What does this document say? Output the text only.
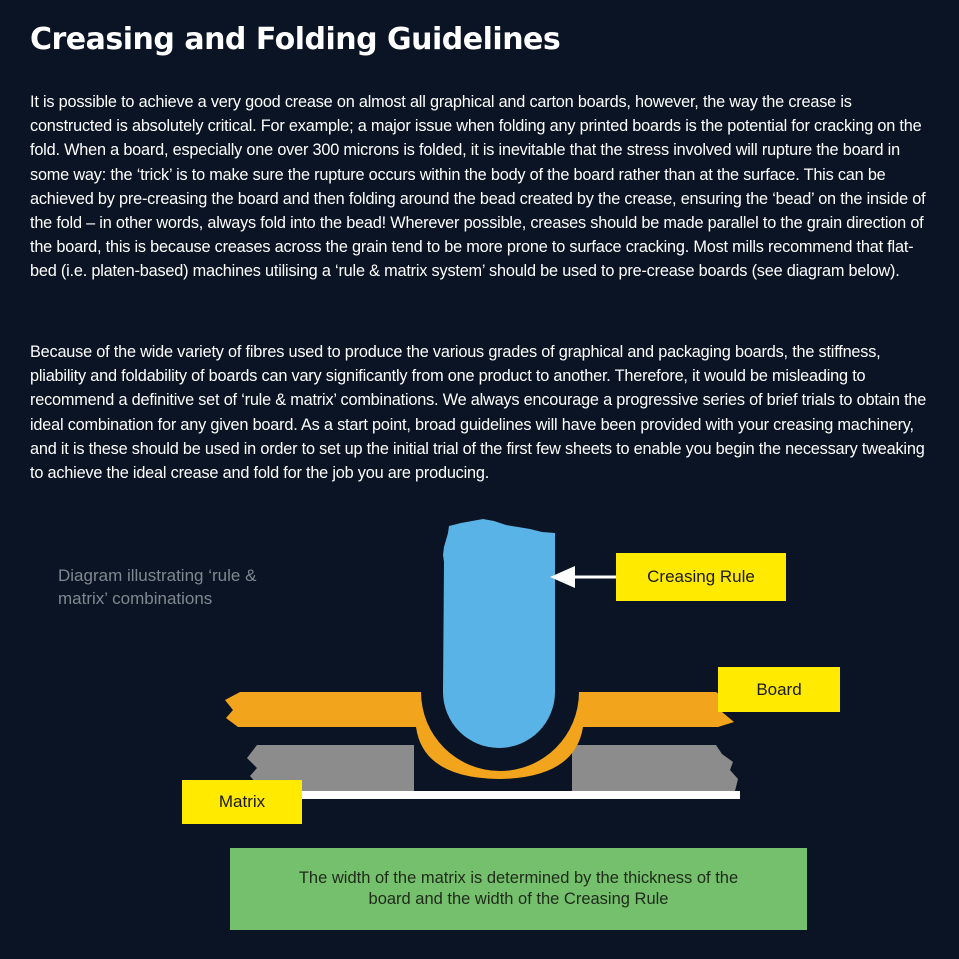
Creasing and Folding Guidelines

It is possible to achieve a very good crease on almost all graphical and carton boards, however, the way the crease is constructed is absolutely critical. For example; a major issue when folding any printed boards is the potential for cracking on the fold. When a board, especially one over 300 microns is folded, it is inevitable that the stress involved will rupture the board in some way: the ‘trick’ is to make sure the rupture occurs within the body of the board rather than at the surface. This can be achieved by pre-creasing the board and then folding around the bead created by the crease, ensuring the ‘bead’ on the inside of the fold – in other words, always fold into the bead! Wherever possible, creases should be made parallel to the grain direction of the board, this is because creases across the grain tend to be more prone to surface cracking. Most mills recommend that flat-bed (i.e. platen-based) machines utilising a ‘rule & matrix system’ should be used to pre-crease boards (see diagram below).

Because of the wide variety of fibres used to produce the various grades of graphical and packaging boards, the stiffness, pliability and foldability of boards can vary significantly from one product to another. Therefore, it would be misleading to recommend a definitive set of ‘rule & matrix’ combinations. We always encourage a progressive series of brief trials to obtain the ideal combination for any given board. As a start point, broad guidelines will have been provided with your creasing machinery, and it is these should be used in order to set up the initial trial of the first few sheets to enable you begin the necessary tweaking to achieve the ideal crease and fold for the job you are producing.

Diagram illustrating ‘rule & matrix’ combinations

Creasing Rule
Board
Matrix
The width of the matrix is determined by the thickness of the board and the width of the Creasing Rule
